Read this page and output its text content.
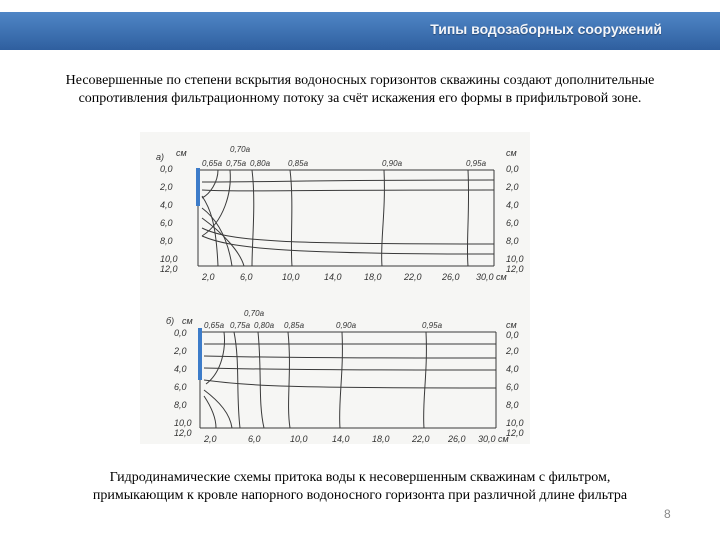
Типы водозаборных сооружений
Несовершенные по степени вскрытия водоносных горизонтов скважины создают дополнительные сопротивления фильтрационному потоку за счёт искажения его формы в прифильтровой зоне.
а) см	см
0,0
2,0
4,0
6,0
8,0
10,0
12,0
0,0
2,0
4,0
6,0
8,0
10,0
12,0
0,70a
0,65a 0,75a 0,80a 0,85a	0,90a	0,95a
2,0	6,0	10,0	14,0 18,0 22,0 26,0 30,0 см
б) см	см
0,0
2,0
4,0
6,0
8,0
10,0
12,0
0,0
2,0
4,0
6,0
8,0
10,0
12,0
0,70a
0,65a 0,75a 0,80a 0,85a	0,90a	0,95a
2,0	6,0	10,0	14,0 18,0 22,0 26,0 30,0 см
Гидродинамические схемы притока воды к несовершенным скважинам с фильтром, примыкающим к кровле напорного водоносного горизонта при различной длине фильтра
8
